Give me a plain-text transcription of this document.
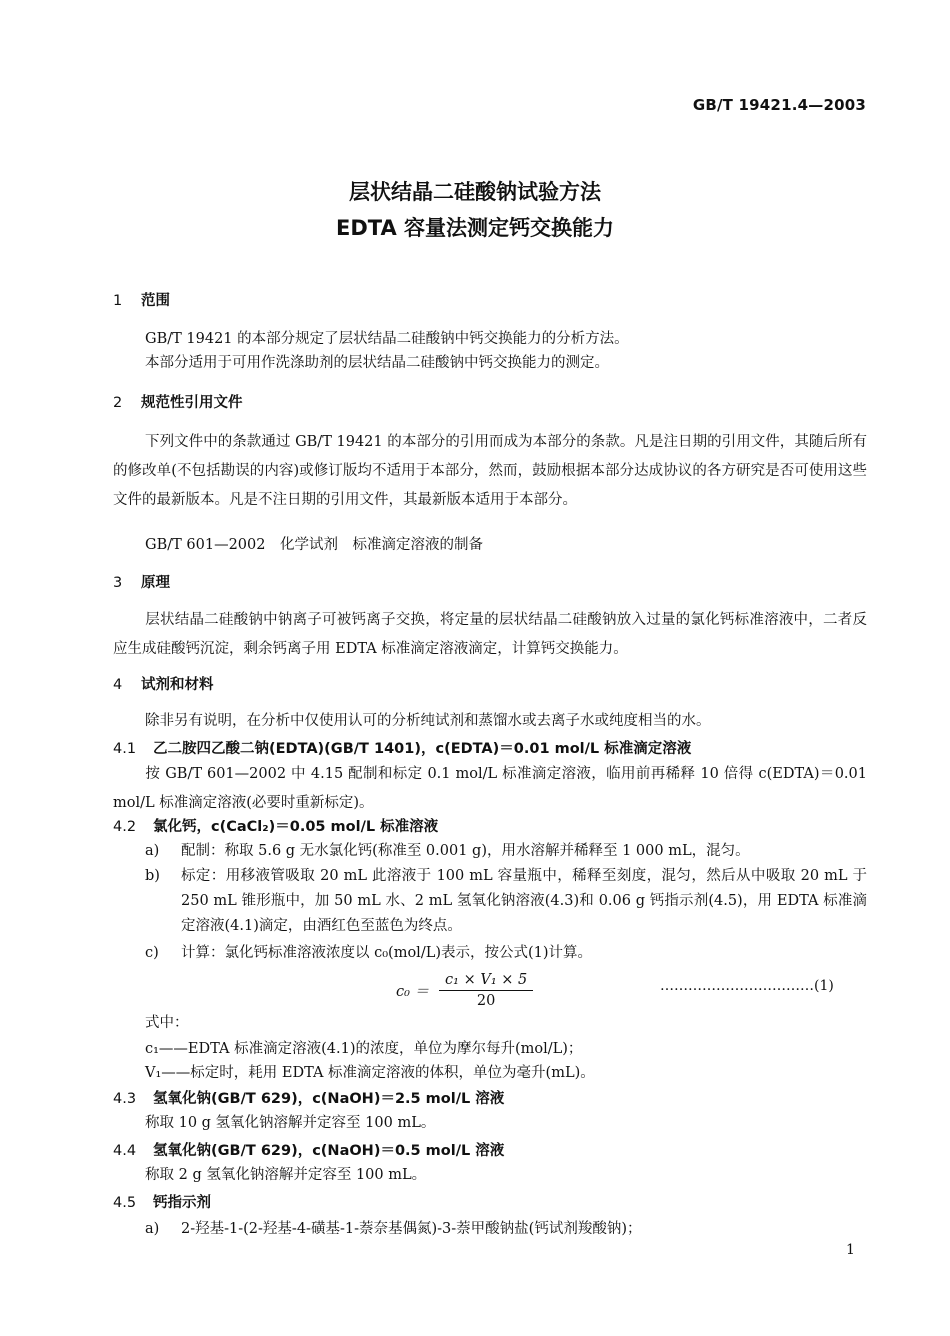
GB/T 19421.4—2003
层状结晶二硅酸钠试验方法
EDTA 容量法测定钙交换能力
1 范围
GB/T 19421 的本部分规定了层状结晶二硅酸钠中钙交换能力的分析方法。
本部分适用于可用作洗涤助剂的层状结晶二硅酸钠中钙交换能力的测定。
2 规范性引用文件
下列文件中的条款通过 GB/T 19421 的本部分的引用而成为本部分的条款。凡是注日期的引用文件，其随后所有的修改单(不包括勘误的内容)或修订版均不适用于本部分，然而，鼓励根据本部分达成协议的各方研究是否可使用这些文件的最新版本。凡是不注日期的引用文件，其最新版本适用于本部分。
GB/T 601—2002　化学试剂　标准滴定溶液的制备
3 原理
层状结晶二硅酸钠中钠离子可被钙离子交换，将定量的层状结晶二硅酸钠放入过量的氯化钙标准溶液中，二者反应生成硅酸钙沉淀，剩余钙离子用 EDTA 标准滴定溶液滴定，计算钙交换能力。
4 试剂和材料
除非另有说明，在分析中仅使用认可的分析纯试剂和蒸馏水或去离子水或纯度相当的水。
4.1 乙二胺四乙酸二钠(EDTA)(GB/T 1401)，c(EDTA)＝0.01 mol/L 标准滴定溶液
按 GB/T 601—2002 中 4.15 配制和标定 0.1 mol/L 标准滴定溶液，临用前再稀释 10 倍得 c(EDTA)＝0.01 mol/L 标准滴定溶液(必要时重新标定)。
4.2 氯化钙，c(CaCl₂)＝0.05 mol/L 标准溶液
a) 配制：称取 5.6 g 无水氯化钙(称准至 0.001 g)，用水溶解并稀释至 1 000 mL，混匀。
b)	标定：用移液管吸取 20 mL 此溶液于 100 mL 容量瓶中，稀释至刻度，混匀，然后从中吸取 20 mL 于 250 mL 锥形瓶中，加 50 mL 水、2 mL 氢氧化钠溶液(4.3)和 0.06 g 钙指示剂(4.5)，用 EDTA 标准滴定溶液(4.1)滴定，由酒红色至蓝色为终点。
c) 计算：氯化钙标准溶液浓度以 c₀(mol/L)表示，按公式(1)计算。
$c_0 = \frac{\text{c₁ × V₁ × 5}}{20}$	……………………………(1)
式中：
c₁——EDTA 标准滴定溶液(4.1)的浓度，单位为摩尔每升(mol/L)；
V₁——标定时，耗用 EDTA 标准滴定溶液的体积，单位为毫升(mL)。
4.3 氢氧化钠(GB/T 629)，c(NaOH)＝2.5 mol/L 溶液
称取 10 g 氢氧化钠溶解并定容至 100 mL。
4.4 氢氧化钠(GB/T 629)，c(NaOH)＝0.5 mol/L 溶液
称取 2 g 氢氧化钠溶解并定容至 100 mL。
4.5 钙指示剂
a) 2-羟基-1-(2-羟基-4-磺基-1-萘奈基偶氮)-3-萘甲酸钠盐(钙试剂羧酸钠)；
1
